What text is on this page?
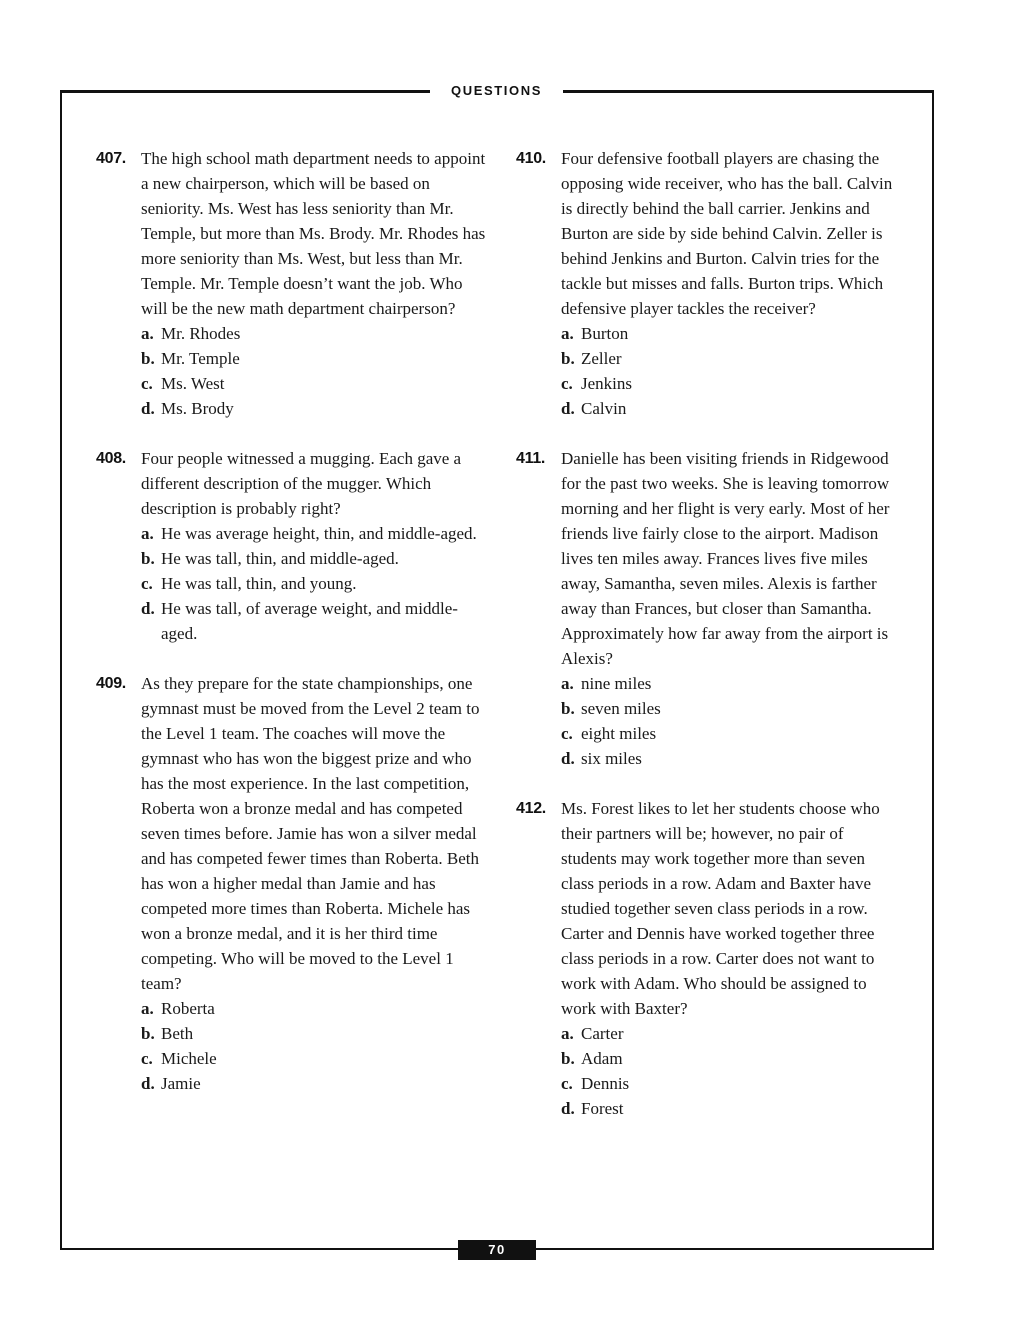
QUESTIONS
407. The high school math department needs to appoint a new chairperson, which will be based on seniority. Ms. West has less seniority than Mr. Temple, but more than Ms. Brody. Mr. Rhodes has more seniority than Ms. West, but less than Mr. Temple. Mr. Temple doesn’t want the job. Who will be the new math department chairperson?

a. Mr. Rhodes
b. Mr. Temple
c. Ms. West
d. Ms. Brody
408. Four people witnessed a mugging. Each gave a different description of the mugger. Which description is probably right?

a. He was average height, thin, and middle-aged.
b. He was tall, thin, and middle-aged.
c. He was tall, thin, and young.
d. He was tall, of average weight, and middle-aged.
409. As they prepare for the state championships, one gymnast must be moved from the Level 2 team to the Level 1 team. The coaches will move the gymnast who has won the biggest prize and who has the most experience. In the last competition, Roberta won a bronze medal and has competed seven times before. Jamie has won a silver medal and has competed fewer times than Roberta. Beth has won a higher medal than Jamie and has competed more times than Roberta. Michele has won a bronze medal, and it is her third time competing. Who will be moved to the Level 1 team?

a. Roberta
b. Beth
c. Michele
d. Jamie
410. Four defensive football players are chasing the opposing wide receiver, who has the ball. Calvin is directly behind the ball carrier. Jenkins and Burton are side by side behind Calvin. Zeller is behind Jenkins and Burton. Calvin tries for the tackle but misses and falls. Burton trips. Which defensive player tackles the receiver?

a. Burton
b. Zeller
c. Jenkins
d. Calvin
411. Danielle has been visiting friends in Ridgewood for the past two weeks. She is leaving tomorrow morning and her flight is very early. Most of her friends live fairly close to the airport. Madison lives ten miles away. Frances lives five miles away, Samantha, seven miles. Alexis is farther away than Frances, but closer than Samantha. Approximately how far away from the airport is Alexis?

a. nine miles
b. seven miles
c. eight miles
d. six miles
412. Ms. Forest likes to let her students choose who their partners will be; however, no pair of students may work together more than seven class periods in a row. Adam and Baxter have studied together seven class periods in a row. Carter and Dennis have worked together three class periods in a row. Carter does not want to work with Adam. Who should be assigned to work with Baxter?

a. Carter
b. Adam
c. Dennis
d. Forest
70
